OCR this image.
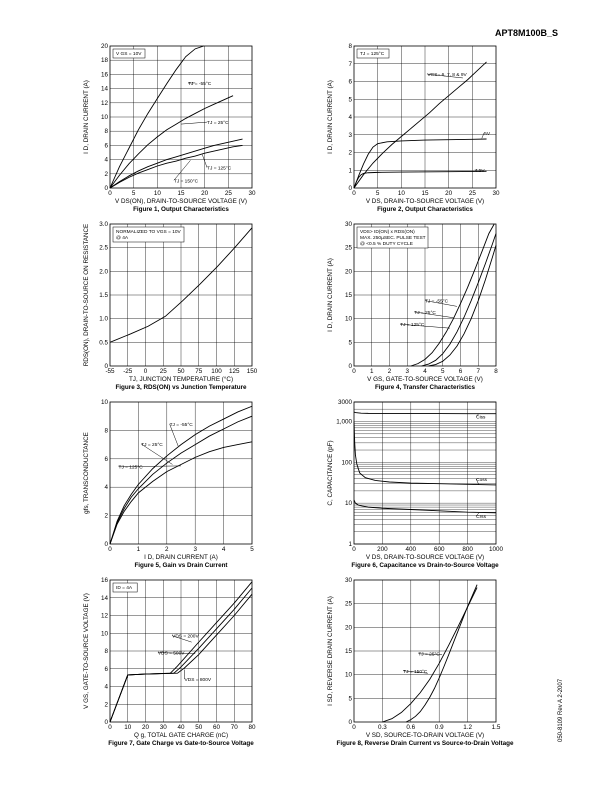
APT8M100B_S
050-8109 Rev A 2-2007
0	5	10	15	20	25	30
0
2
4
6
8
10
12
14
16
18
20
TJ = -55°C
TJ = 25°C
TJ = 125°C
TJ = 150°C
V GS = 10V
V DS(ON), DRAIN-TO-SOURCE VOLTAGE (V)
I D, DRAIN CURRENT (A)
Figure 1, Output Characteristics
0	5	10	15	20	25	30
0
1
2
3
4
5
6
7
8
VGS= 6, 7, 8 & 9V
5V
4.5V
TJ = 125°C
V DS, DRAIN-TO-SOURCE VOLTAGE (V)
I D, DRAIN CURRENT (A)
Figure 2, Output Characteristics
-55 -25 0 25 50 75 100 125 150
0
0.5
1.0
1.5
2.0
2.5
3.0
NORMALIZED TO VGS = 10V
@ 4A
TJ, JUNCTION TEMPERATURE (°C)
RDS(ON), DRAIN-TO-SOURCE ON RESISTANCE
Figure 3, RDS(ON) vs Junction Temperature
0 1 2 3 4 5 6 7 8
0
5
10
15
20
25
30
TJ = -55°C
TJ = 25°C
TJ = 125°C
VDS> ID(ON) x RDS(ON)
MAX. 250µSEC. PULSE TEST
@ <0.5 % DUTY CYCLE
V GS, GATE-TO-SOURCE VOLTAGE (V)
I D, DRAIN CURRENT (A)
Figure 4, Transfer Characteristics
0	1	2	3	4	5
0
2
4
6
8
10
TJ = -55°C
TJ = 25°C
TJ = 125°C
I D, DRAIN CURRENT (A)
gfs, TRANSCONDUCTANCE
Figure 5, Gain vs Drain Current
0	200	400	600	800	1000
1
10
100
1,000
3000
Ciss
Coss
Crss
V DS, DRAIN-TO-SOURCE VOLTAGE (V)
C, CAPACITANCE (pF)
Figure 6, Capacitance vs Drain-to-Source Voltage
0 10 20 30 40 50 60 70 80
0
2
4
6
8
10
12
14
16
VDS = 200V
VDS = 500V
VDS = 800V
ID = 4A
Q g, TOTAL GATE CHARGE (nC)
V GS, GATE-TO-SOURCE VOLTAGE (V)
Figure 7, Gate Charge vs Gate-to-Source Voltage
0	0.3	0.6	0.9	1.2	1.5
0
5
10
15
20
25
30
TJ = 25°C
TJ = 150°C
V SD, SOURCE-TO-DRAIN VOLTAGE (V)
I SD, REVERSE DRAIN CURRENT (A)
Figure 8, Reverse Drain Current vs Source-to-Drain Voltage
